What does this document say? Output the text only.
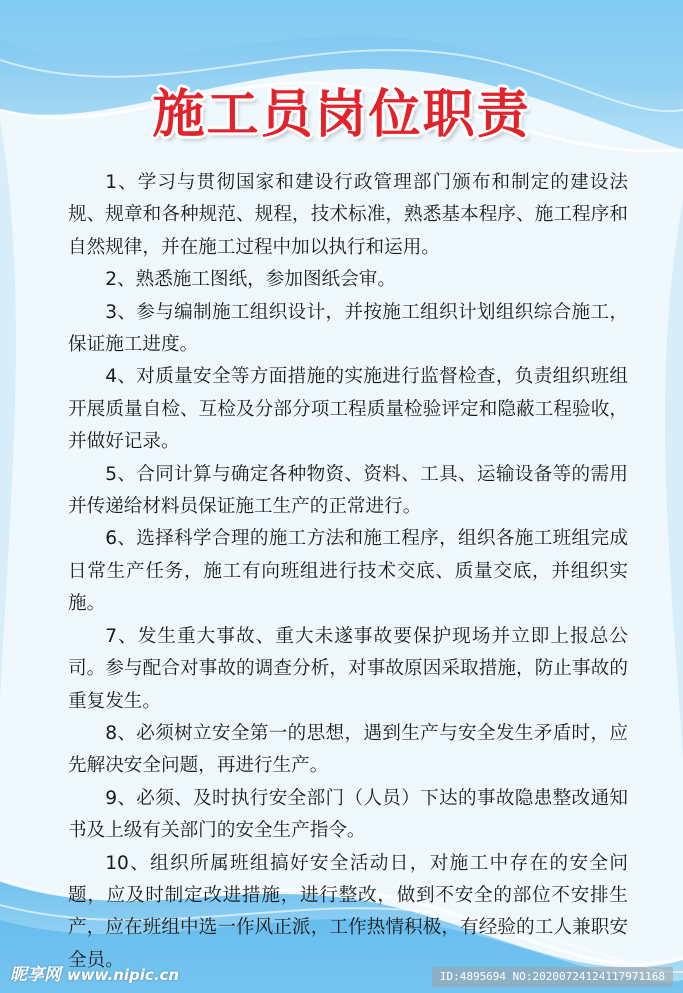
施工员岗位职责

1、学习与贯彻国家和建设行政管理部门颁布和制定的建设法规、规章和各种规范、规程，技术标准，熟悉基本程序、施工程序和自然规律，并在施工过程中加以执行和运用。

2、熟悉施工图纸，参加图纸会审。

3、参与编制施工组织设计，并按施工组织计划组织综合施工，保证施工进度。

4、对质量安全等方面措施的实施进行监督检查，负责组织班组开展质量自检、互检及分部分项工程质量检验评定和隐蔽工程验收，并做好记录。

5、合同计算与确定各种物资、资料、工具、运输设备等的需用并传递给材料员保证施工生产的正常进行。

6、选择科学合理的施工方法和施工程序，组织各施工班组完成日常生产任务，施工有向班组进行技术交底、质量交底，并组织实施。

7、发生重大事故、重大未遂事故要保护现场并立即上报总公司。参与配合对事故的调查分析，对事故原因采取措施，防止事故的重复发生。

8、必须树立安全第一的思想，遇到生产与安全发生矛盾时，应先解决安全问题，再进行生产。

9、必须、及时执行安全部门（人员）下达的事故隐患整改通知书及上级有关部门的安全生产指令。

10、组织所属班组搞好安全活动日，对施工中存在的安全问题，应及时制定改进措施，进行整改，做到不安全的部位不安排生产，应在班组中选一作风正派，工作热情积极，有经验的工人兼职安全员。

昵享网 www.nipic.cn	ID:4895694 NO:20200724124117971168
